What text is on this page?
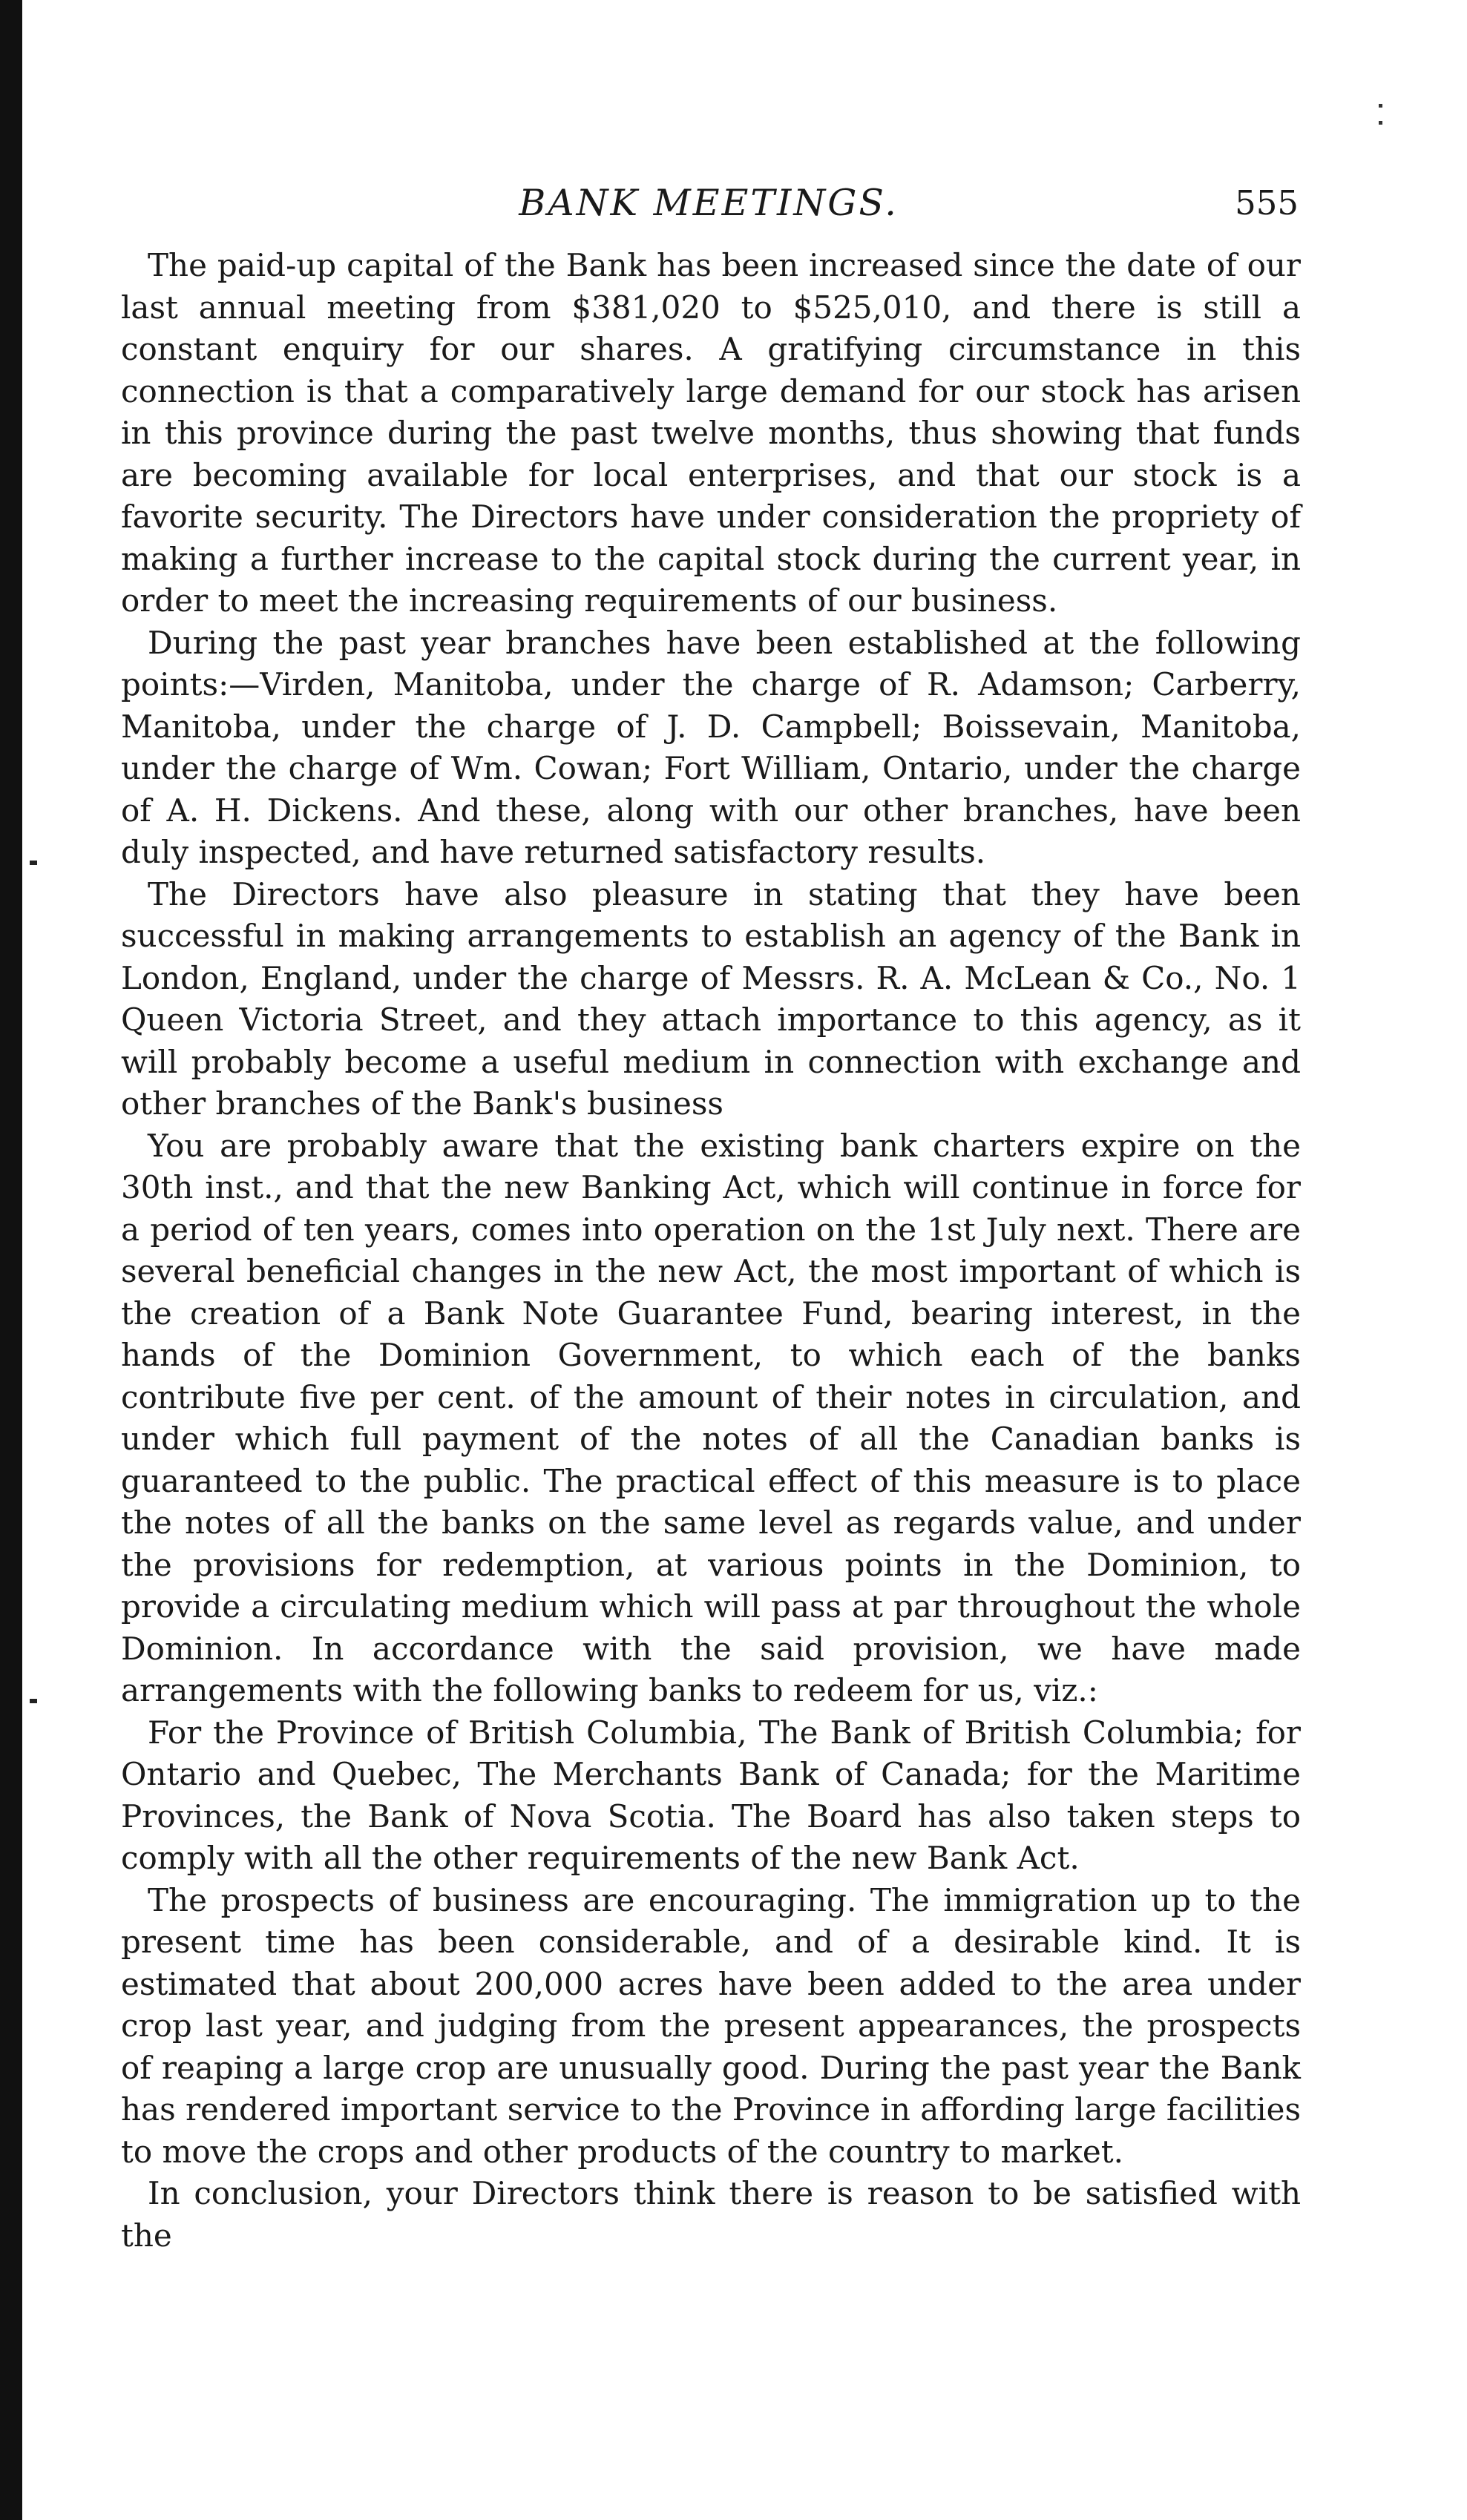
BANK MEETINGS.	555

The paid-up capital of the Bank has been increased since the date of our last annual meeting from $381,020 to $525,010, and there is still a constant enquiry for our shares. A gratifying circumstance in this connection is that a comparatively large demand for our stock has arisen in this province during the past twelve months, thus showing that funds are becoming available for local enterprises, and that our stock is a favorite security. The Directors have under consideration the propriety of making a further increase to the capital stock during the current year, in order to meet the increasing requirements of our business.

During the past year branches have been established at the following points:—Virden, Manitoba, under the charge of R. Adamson; Carberry, Manitoba, under the charge of J. D. Campbell; Boissevain, Manitoba, under the charge of Wm. Cowan; Fort William, Ontario, under the charge of A. H. Dickens. And these, along with our other branches, have been duly inspected, and have returned satisfactory results.

The Directors have also pleasure in stating that they have been successful in making arrangements to establish an agency of the Bank in London, England, under the charge of Messrs. R. A. McLean & Co., No. 1 Queen Victoria Street, and they attach importance to this agency, as it will probably become a useful medium in connection with exchange and other branches of the Bank's business

You are probably aware that the existing bank charters expire on the 30th inst., and that the new Banking Act, which will continue in force for a period of ten years, comes into operation on the 1st July next. There are several beneficial changes in the new Act, the most important of which is the creation of a Bank Note Guarantee Fund, bearing interest, in the hands of the Dominion Government, to which each of the banks contribute five per cent. of the amount of their notes in circulation, and under which full payment of the notes of all the Canadian banks is guaranteed to the public. The practical effect of this measure is to place the notes of all the banks on the same level as regards value, and under the provisions for redemption, at various points in the Dominion, to provide a circulating medium which will pass at par throughout the whole Dominion. In accordance with the said provision, we have made arrangements with the following banks to redeem for us, viz.:

For the Province of British Columbia, The Bank of British Columbia; for Ontario and Quebec, The Merchants Bank of Canada; for the Maritime Provinces, the Bank of Nova Scotia. The Board has also taken steps to comply with all the other requirements of the new Bank Act.

The prospects of business are encouraging. The immigration up to the present time has been considerable, and of a desirable kind. It is estimated that about 200,000 acres have been added to the area under crop last year, and judging from the present appearances, the prospects of reaping a large crop are unusually good. During the past year the Bank has rendered important service to the Province in affording large facilities to move the crops and other products of the country to market.

In conclusion, your Directors think there is reason to be satisfied with the
